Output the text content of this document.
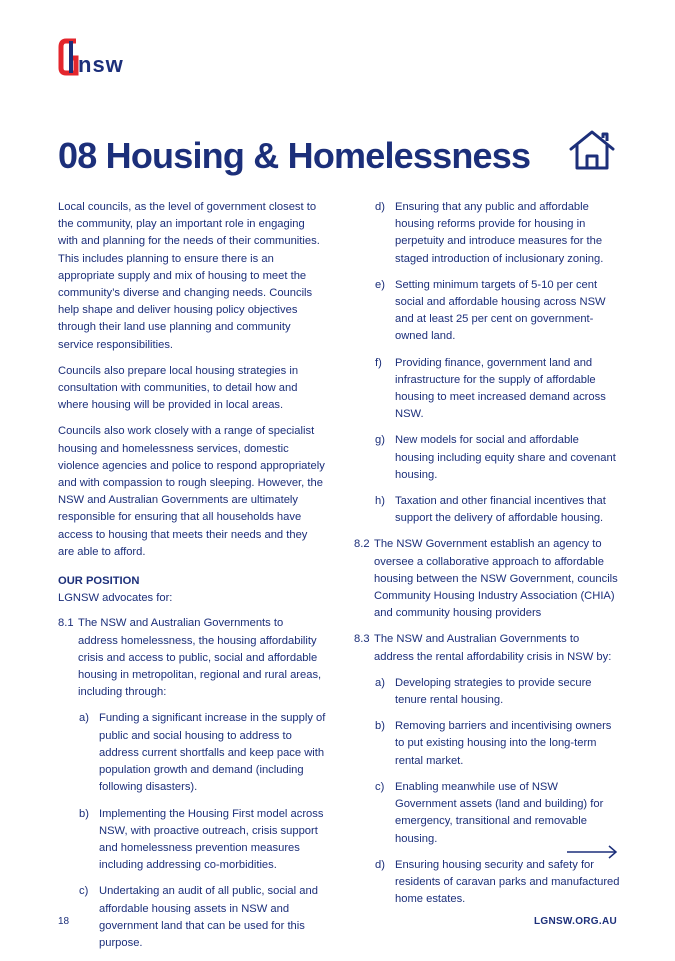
nsw
08 Housing & Homelessness

Local councils, as the level of government closest to the community, play an important role in engaging with and planning for the needs of their communities. This includes planning to ensure there is an appropriate supply and mix of housing to meet the community’s diverse and changing needs. Councils help shape and deliver housing policy objectives through their land use planning and community service responsibilities.

Councils also prepare local housing strategies in consultation with communities, to detail how and where housing will be provided in local areas.

Councils also work closely with a range of specialist housing and homelessness services, domestic violence agencies and police to respond appropriately and with compassion to rough sleeping. However, the NSW and Australian Governments are ultimately responsible for ensuring that all households have access to housing that meets their needs and they are able to afford.

OUR POSITION

LGNSW advocates for:

8.1 The NSW and Australian Governments to address homelessness, the housing affordability crisis and access to public, social and affordable housing in metropolitan, regional and rural areas, including through:
a) Funding a significant increase in the supply of public and social housing to address to address current shortfalls and keep pace with population growth and demand (including following disasters).
b) Implementing the Housing First model across NSW, with proactive outreach, crisis support and homelessness prevention measures including addressing co-morbidities.
c) Undertaking an audit of all public, social and affordable housing assets in NSW and government land that can be used for this purpose.
d) Ensuring that any public and affordable housing reforms provide for housing in perpetuity and introduce measures for the staged introduction of inclusionary zoning.
e) Setting minimum targets of 5-10 per cent social and affordable housing across NSW and at least 25 per cent on government-owned land.
f)	Providing finance, government land and infrastructure for the supply of affordable housing to meet increased demand across NSW.
g) New models for social and affordable housing including equity share and covenant housing.
h) Taxation and other financial incentives that support the delivery of affordable housing.
8.2 The NSW Government establish an agency to oversee a collaborative approach to affordable housing between the NSW Government, councils Community Housing Industry Association (CHIA) and community housing providers
8.3 The NSW and Australian Governments to address the rental affordability crisis in NSW by:
a) Developing strategies to provide secure tenure rental housing.
b) Removing barriers and incentivising owners to put existing housing into the long-term rental market.
c) Enabling meanwhile use of NSW Government assets (land and building) for emergency, transitional and removable housing.
d) Ensuring housing security and safety for residents of caravan parks and manufactured home estates.
18	LGNSW.ORG.AU
